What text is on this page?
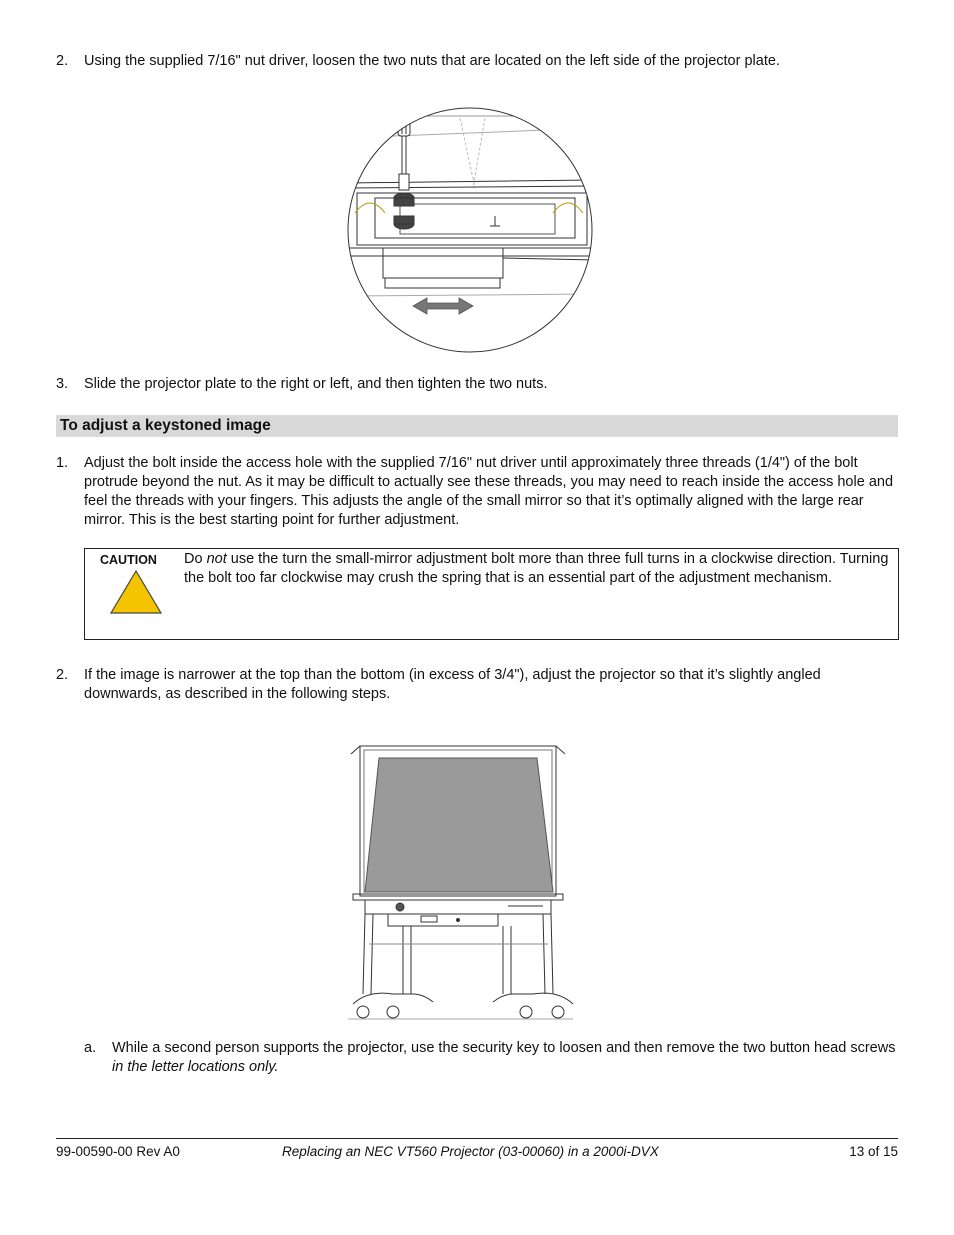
2. Using the supplied 7/16" nut driver, loosen the two nuts that are located on the left side of the projector plate.
3. Slide the projector plate to the right or left, and then tighten the two nuts.
To adjust a keystoned image
1. Adjust the bolt inside the access hole with the supplied 7/16" nut driver until approximately three threads (1/4") of the bolt protrude beyond the nut. As it may be difficult to actually see these threads, you may need to reach inside the access hole and feel the threads with your fingers. This adjusts the angle of the small mirror so that it’s optimally aligned with the large rear mirror. This is the best starting point for further adjustment.
CAUTION Do not use the turn the small-mirror adjustment bolt more than three full turns in a clockwise direction. Turning the bolt too far clockwise may crush the spring that is an essential part of the adjustment mechanism.
2. If the image is narrower at the top than the bottom (in excess of 3/4"), adjust the projector so that it’s slightly angled downwards, as described in the following steps.
a. While a second person supports the projector, use the security key to loosen and then remove the two button head screws in the letter locations only.
99-00590-00 Rev A0	Replacing an NEC VT560 Projector (03-00060) in a 2000i-DVX	13 of 15
